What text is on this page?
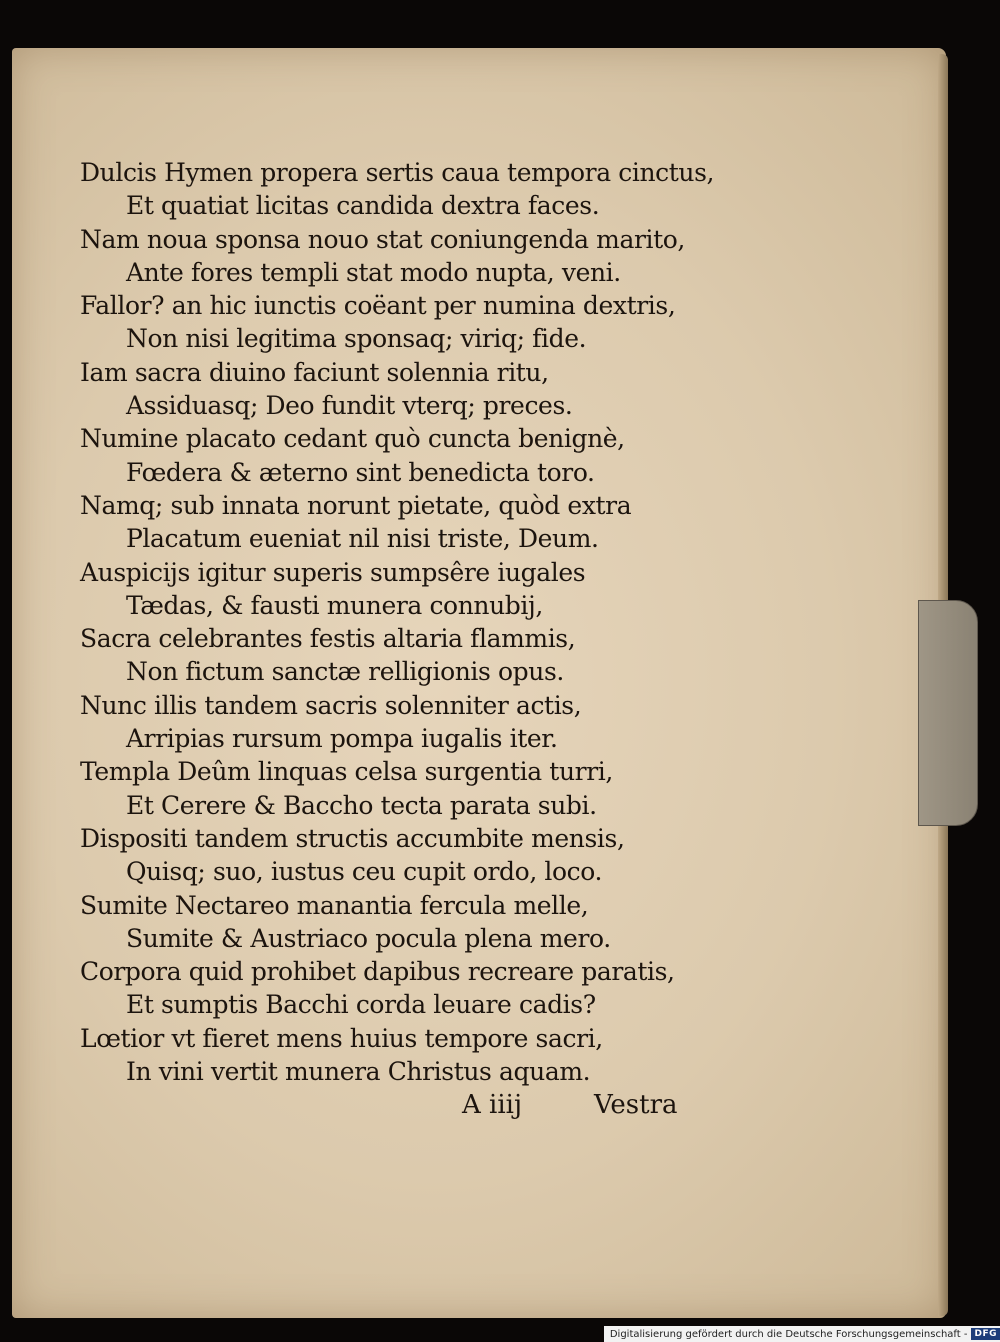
Dulcis Hymen propera sertis caua tempora cinctus,
Et quatiat licitas candida dextra faces.
Nam noua sponsa nouo stat coniungenda marito,
Ante fores templi stat modo nupta, veni.
Fallor? an hic iunctis coëant per numina dextris,
Non nisi legitima sponsaq; viriq; fide.
Iam sacra diuino faciunt solennia ritu,
Assiduasq; Deo fundit vterq; preces.
Numine placato cedant quò cuncta benignè,
Fœdera & æterno sint benedicta toro.
Namq; sub innata norunt pietate, quòd extra
Placatum eueniat nil nisi triste, Deum.
Auspicijs igitur superis sumpsêre iugales
Tædas, & fausti munera connubij,
Sacra celebrantes festis altaria flammis,
Non fictum sanctæ relligionis opus.
Nunc illis tandem sacris solenniter actis,
Arripias rursum pompa iugalis iter.
Templa Deûm linquas celsa surgentia turri,
Et Cerere & Baccho tecta parata subi.
Dispositi tandem structis accumbite mensis,
Quisq; suo, iustus ceu cupit ordo, loco.
Sumite Nectareo manantia fercula melle,
Sumite & Austriaco pocula plena mero.
Corpora quid prohibet dapibus recreare paratis,
Et sumptis Bacchi corda leuare cadis?
Lœtior vt fieret mens huius tempore sacri,
In vini vertit munera Christus aquam.
A iiij	Vestra
Digitalisierung gefördert durch die Deutsche Forschungsgemeinschaft - DFG
